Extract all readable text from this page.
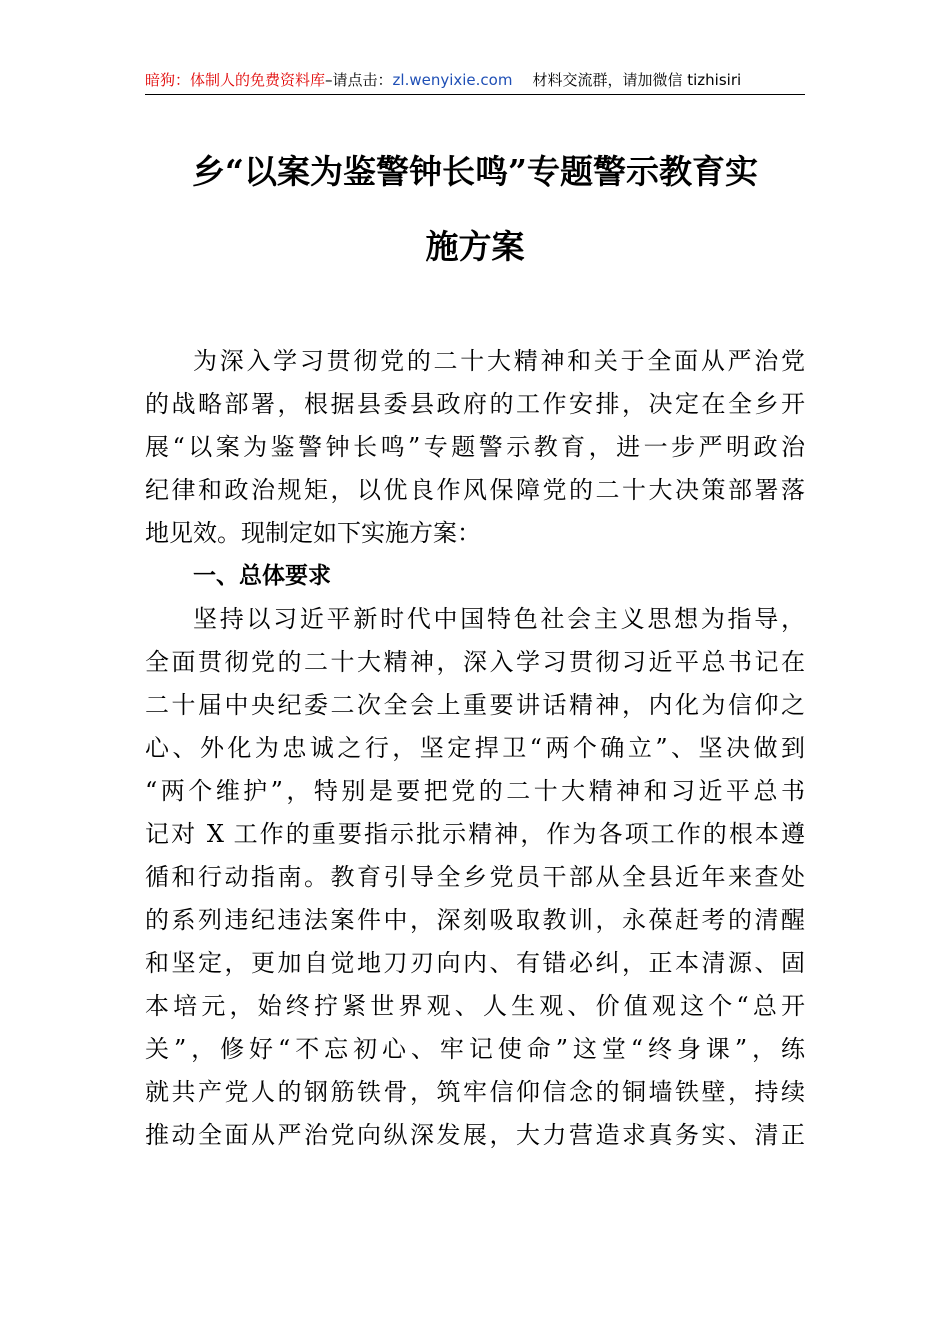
暗狗：体制人的免费资料库–请点击：zl.wenyixie.com 材料交流群，请加微信 tizhisiri
乡“以案为鉴警钟长鸣”专题警示教育实
施方案
为深入学习贯彻党的二十大精神和关于全面从严治党
的战略部署，根据县委县政府的工作安排，决定在全乡开
展“以案为鉴警钟长鸣”专题警示教育，进一步严明政治
纪律和政治规矩，以优良作风保障党的二十大决策部署落
地见效。现制定如下实施方案：
一、总体要求
坚持以习近平新时代中国特色社会主义思想为指导，
全面贯彻党的二十大精神，深入学习贯彻习近平总书记在
二十届中央纪委二次全会上重要讲话精神，内化为信仰之
心、外化为忠诚之行，坚定捍卫“两个确立”、坚决做到
“两个维护”，特别是要把党的二十大精神和习近平总书
记对 X 工作的重要指示批示精神，作为各项工作的根本遵
循和行动指南。教育引导全乡党员干部从全县近年来查处
的系列违纪违法案件中，深刻吸取教训，永葆赶考的清醒
和坚定，更加自觉地刀刃向内、有错必纠，正本清源、固
本培元，始终拧紧世界观、人生观、价值观这个“总开
关”，修好“不忘初心、牢记使命”这堂“终身课”，练
就共产党人的钢筋铁骨，筑牢信仰信念的铜墙铁壁，持续
推动全面从严治党向纵深发展，大力营造求真务实、清正
